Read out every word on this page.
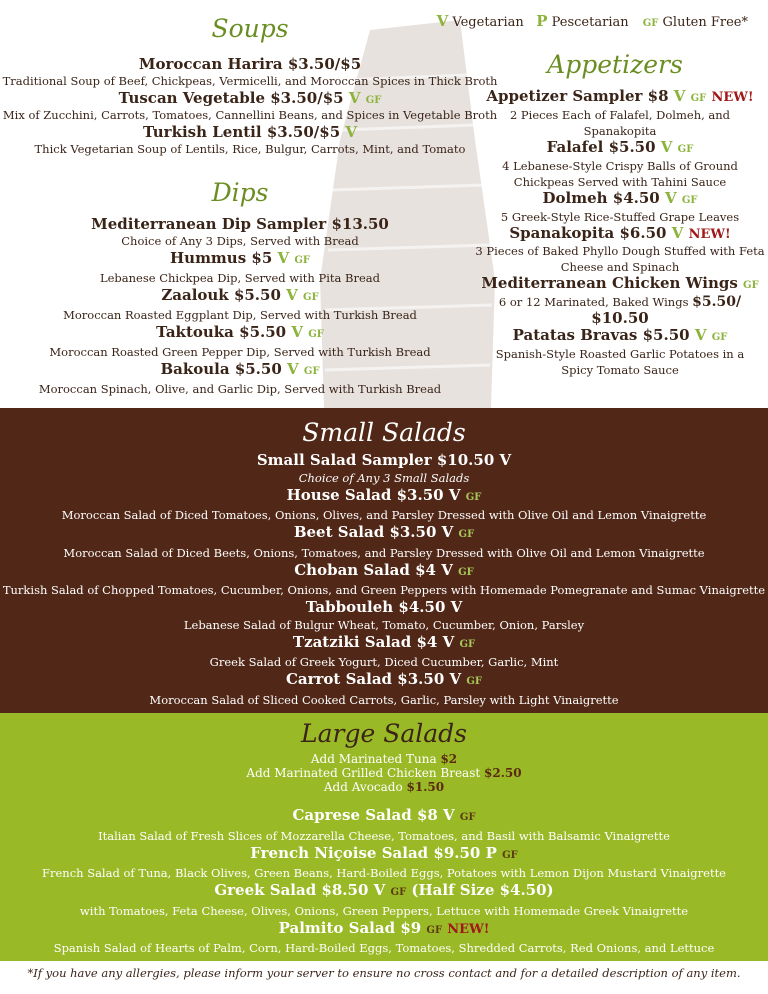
V Vegetarian P Pescetarian GF Gluten Free*
Soups
Moroccan Harira $3.50/$5
Traditional Soup of Beef, Chickpeas, Vermicelli, and Moroccan Spices in Thick Broth
Tuscan Vegetable $3.50/$5 V GF
Mix of Zucchini, Carrots, Tomatoes, Cannellini Beans, and Spices in Vegetable Broth
Turkish Lentil $3.50/$5 V
Thick Vegetarian Soup of Lentils, Rice, Bulgur, Carrots, Mint, and Tomato
Dips
Mediterranean Dip Sampler $13.50
Choice of Any 3 Dips, Served with Bread
Hummus $5 V GF
Lebanese Chickpea Dip, Served with Pita Bread
Zaalouk $5.50 V GF
Moroccan Roasted Eggplant Dip, Served with Turkish Bread
Taktouka $5.50 V GF
Moroccan Roasted Green Pepper Dip, Served with Turkish Bread
Bakoula $5.50 V GF
Moroccan Spinach, Olive, and Garlic Dip, Served with Turkish Bread
Appetizers
Appetizer Sampler $8 V GF NEW!
2 Pieces Each of Falafel, Dolmeh, and
Spanakopita
Falafel $5.50 V GF
4 Lebanese-Style Crispy Balls of Ground
Chickpeas Served with Tahini Sauce
Dolmeh $4.50 V GF
5 Greek-Style Rice-Stuffed Grape Leaves
Spanakopita $6.50 V NEW!
3 Pieces of Baked Phyllo Dough Stuffed with Feta
Cheese and Spinach
Mediterranean Chicken Wings GF
6 or 12 Marinated, Baked Wings $5.50/
$10.50
Patatas Bravas $5.50 V GF
Spanish-Style Roasted Garlic Potatoes in a
Spicy Tomato Sauce
Small Salads
Small Salad Sampler $10.50 V
Choice of Any 3 Small Salads
House Salad $3.50 V GF
Moroccan Salad of Diced Tomatoes, Onions, Olives, and Parsley Dressed with Olive Oil and Lemon Vinaigrette
Beet Salad $3.50 V GF
Moroccan Salad of Diced Beets, Onions, Tomatoes, and Parsley Dressed with Olive Oil and Lemon Vinaigrette
Choban Salad $4 V GF
Turkish Salad of Chopped Tomatoes, Cucumber, Onions, and Green Peppers with Homemade Pomegranate and Sumac Vinaigrette
Tabbouleh $4.50 V
Lebanese Salad of Bulgur Wheat, Tomato, Cucumber, Onion, Parsley
Tzatziki Salad $4 V GF
Greek Salad of Greek Yogurt, Diced Cucumber, Garlic, Mint
Carrot Salad $3.50 V GF
Moroccan Salad of Sliced Cooked Carrots, Garlic, Parsley with Light Vinaigrette
Large Salads
Add Marinated Tuna $2
Add Marinated Grilled Chicken Breast $2.50
Add Avocado $1.50
Caprese Salad $8 V GF
Italian Salad of Fresh Slices of Mozzarella Cheese, Tomatoes, and Basil with Balsamic Vinaigrette
French Niçoise Salad $9.50 P GF
French Salad of Tuna, Black Olives, Green Beans, Hard-Boiled Eggs, Potatoes with Lemon Dijon Mustard Vinaigrette
Greek Salad $8.50 V GF (Half Size $4.50)
with Tomatoes, Feta Cheese, Olives, Onions, Green Peppers, Lettuce with Homemade Greek Vinaigrette
Palmito Salad $9 GF NEW!
Spanish Salad of Hearts of Palm, Corn, Hard-Boiled Eggs, Tomatoes, Shredded Carrots, Red Onions, and Lettuce
*If you have any allergies, please inform your server to ensure no cross contact and for a detailed description of any item.
